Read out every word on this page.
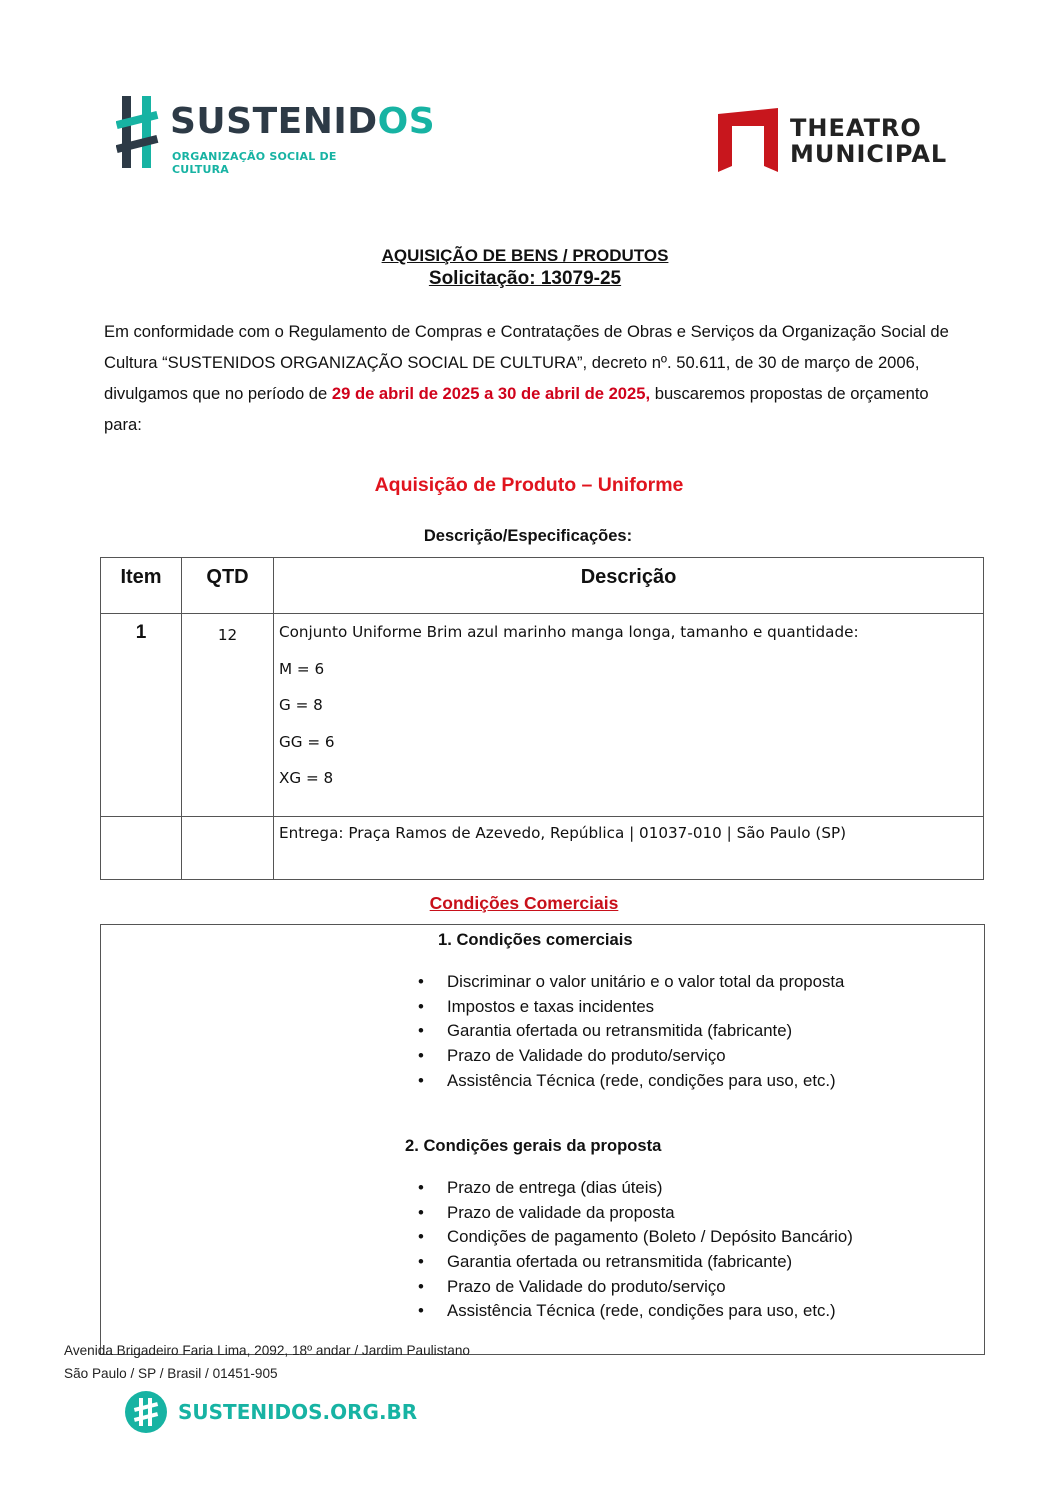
SUSTENIDOS
ORGANIZAÇÃO SOCIAL DE CULTURA
THEATRO
MUNICIPAL
AQUISIÇÃO DE BENS / PRODUTOS
Solicitação: 13079-25
Em conformidade com o Regulamento de Compras e Contratações de Obras e Serviços da Organização Social de Cultura “SUSTENIDOS ORGANIZAÇÃO SOCIAL DE CULTURA”, decreto nº. 50.611, de 30 de março de 2006, divulgamos que no período de 29 de abril de 2025 a 30 de abril de 2025, buscaremos propostas de orçamento para:
Aquisição de Produto – Uniforme
Descrição/Especificações:
Item	QTD	Descrição
1	12	Conjunto Uniforme Brim azul marinho manga longa, tamanho e quantidade:
M = 6
G = 8
GG = 6
XG = 8

		Entrega: Praça Ramos de Azevedo, República | 01037-010 | São Paulo (SP)
Condições Comerciais
1. Condições comerciais
• Discriminar o valor unitário e o valor total da proposta
• Impostos e taxas incidentes
• Garantia ofertada ou retransmitida (fabricante)
• Prazo de Validade do produto/serviço
• Assistência Técnica (rede, condições para uso, etc.)
2. Condições gerais da proposta
• Prazo de entrega (dias úteis)
• Prazo de validade da proposta
• Condições de pagamento (Boleto / Depósito Bancário)
• Garantia ofertada ou retransmitida (fabricante)
• Prazo de Validade do produto/serviço
• Assistência Técnica (rede, condições para uso, etc.)
Avenida Brigadeiro Faria Lima, 2092, 18º andar / Jardim Paulistano
São Paulo / SP / Brasil / 01451-905
SUSTENIDOS.ORG.BR
